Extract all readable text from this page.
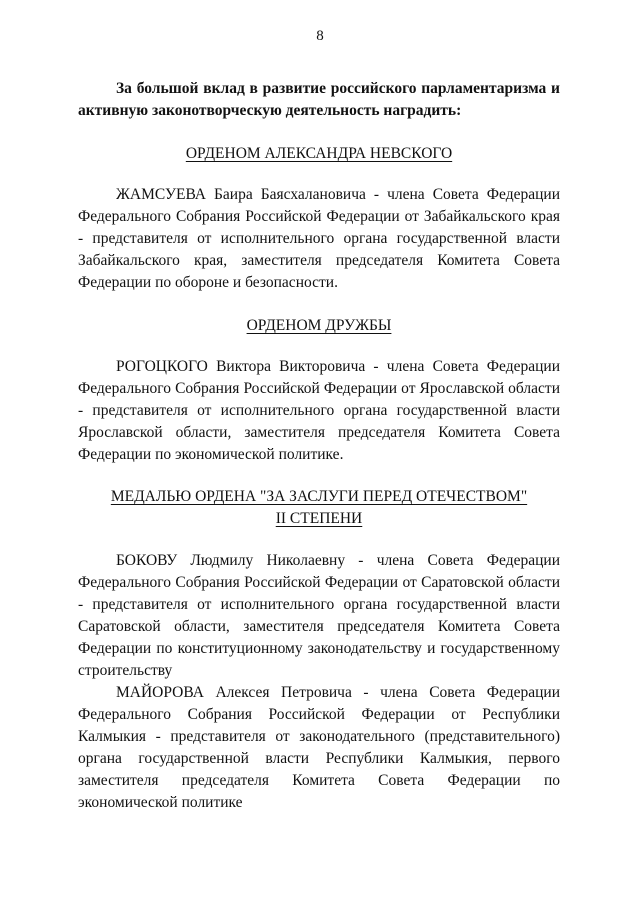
8
За большой вклад в развитие российского парламентаризма и активную законотворческую деятельность наградить:
ОРДЕНОМ АЛЕКСАНДРА НЕВСКОГО
ЖАМСУЕВА Баира Баясхалановича - члена Совета Федерации Федерального Собрания Российской Федерации от Забайкальского края - представителя от исполнительного органа государственной власти Забайкальского края, заместителя председателя Комитета Совета Федерации по обороне и безопасности.
ОРДЕНОМ ДРУЖБЫ
РОГОЦКОГО Виктора Викторовича - члена Совета Федерации Федерального Собрания Российской Федерации от Ярославской области - представителя от исполнительного органа государственной власти Ярославской области, заместителя председателя Комитета Совета Федерации по экономической политике.
МЕДАЛЬЮ ОРДЕНА "ЗА ЗАСЛУГИ ПЕРЕД ОТЕЧЕСТВОМ"
II СТЕПЕНИ
БОКОВУ Людмилу Николаевну - члена Совета Федерации Федерального Собрания Российской Федерации от Саратовской области - представителя от исполнительного органа государственной власти Саратовской области, заместителя председателя Комитета Совета Федерации по конституционному законодательству и государственному строительству
МАЙОРОВА Алексея Петровича - члена Совета Федерации Федерального Собрания Российской Федерации от Республики Калмыкия - представителя от законодательного (представительного) органа государственной власти Республики Калмыкия, первого заместителя председателя Комитета Совета Федерации по экономической политике
